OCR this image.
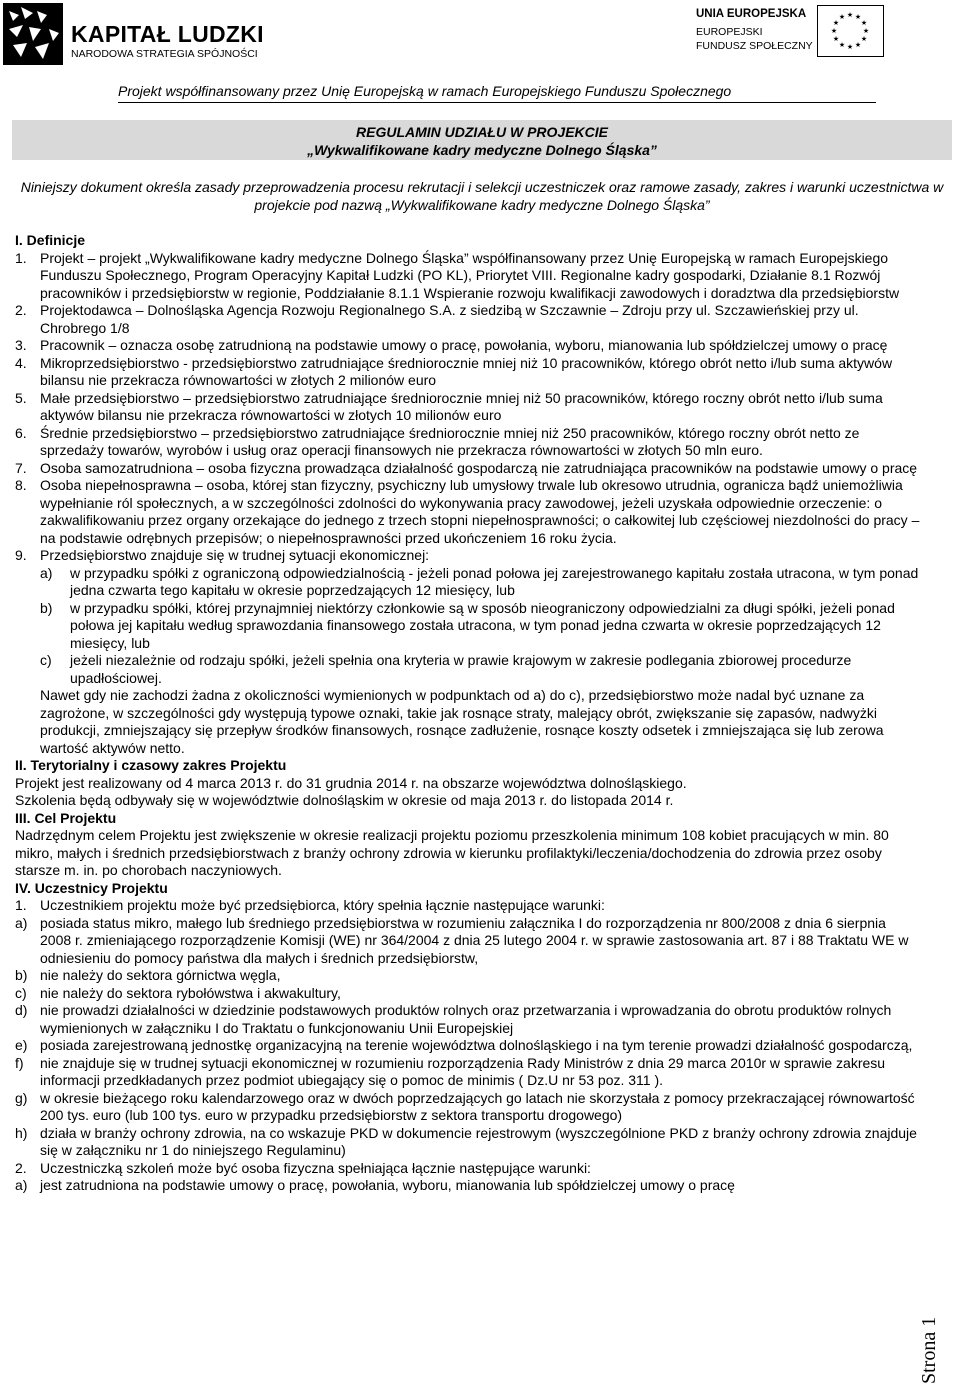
KAPITAŁ LUDZKI
NARODOWA STRATEGIA SPÓJNOŚCI
UNIA EUROPEJSKA
EUROPEJSKI
FUNDUSZ SPOŁECZNY
★ ★
★
★
★
★
★
★
★
★
★
★
Projekt współfinansowany przez Unię Europejską w ramach Europejskiego Funduszu Społecznego
REGULAMIN UDZIAŁU W PROJEKCIE
„Wykwalifikowane kadry medyczne Dolnego Śląska”
Niniejszy dokument określa zasady przeprowadzenia procesu rekrutacji i selekcji uczestniczek oraz ramowe zasady, zakres i warunki uczestnictwa w projekcie pod nazwą „Wykwalifikowane kadry medyczne Dolnego Śląska”

I. Definicje

1. Projekt – projekt „Wykwalifikowane kadry medyczne Dolnego Śląska” współfinansowany przez Unię Europejską w ramach Europejskiego Funduszu Społecznego, Program Operacyjny Kapitał Ludzki (PO KL), Priorytet VIII. Regionalne kadry gospodarki, Działanie 8.1 Rozwój pracowników i przedsiębiorstw w regionie, Poddziałanie 8.1.1 Wspieranie rozwoju kwalifikacji zawodowych i doradztwa dla przedsiębiorstw
2. Projektodawca – Dolnośląska Agencja Rozwoju Regionalnego S.A. z siedzibą w Szczawnie – Zdroju przy ul. Szczawieńskiej przy ul. Chrobrego 1/8
3. Pracownik – oznacza osobę zatrudnioną na podstawie umowy o pracę, powołania, wyboru, mianowania lub spółdzielczej umowy o pracę
4. Mikroprzedsiębiorstwo - przedsiębiorstwo zatrudniające średniorocznie mniej niż 10 pracowników, którego obrót netto i/lub suma aktywów bilansu nie przekracza równowartości w złotych 2 milionów euro
5. Małe przedsiębiorstwo – przedsiębiorstwo zatrudniające średniorocznie mniej niż 50 pracowników, którego roczny obrót netto i/lub suma aktywów bilansu nie przekracza równowartości w złotych 10 milionów euro
6. Średnie przedsiębiorstwo – przedsiębiorstwo zatrudniające średniorocznie mniej niż 250 pracowników, którego roczny obrót netto ze sprzedaży towarów, wyrobów i usług oraz operacji finansowych nie przekracza równowartości w złotych 50 mln euro.
7. Osoba samozatrudniona – osoba fizyczna prowadząca działalność gospodarczą nie zatrudniająca pracowników na podstawie umowy o pracę
8. Osoba niepełnosprawna – osoba, której stan fizyczny, psychiczny lub umysłowy trwale lub okresowo utrudnia, ogranicza bądź uniemożliwia wypełnianie ról społecznych, a w szczególności zdolności do wykonywania pracy zawodowej, jeżeli uzyskała odpowiednie orzeczenie: o zakwalifikowaniu przez organy orzekające do jednego z trzech stopni niepełnosprawności; o całkowitej lub częściowej niezdolności do pracy – na podstawie odrębnych przepisów; o niepełnosprawności przed ukończeniem 16 roku życia.
9. Przedsiębiorstwo znajduje się w trudnej sytuacji ekonomicznej:
a) w przypadku spółki z ograniczoną odpowiedzialnością - jeżeli ponad połowa jej zarejestrowanego kapitału została utracona, w tym ponad jedna czwarta tego kapitału w okresie poprzedzających 12 miesięcy, lub
b) w przypadku spółki, której przynajmniej niektórzy członkowie są w sposób nieograniczony odpowiedzialni za długi spółki, jeżeli ponad połowa jej kapitału według sprawozdania finansowego została utracona, w tym ponad jedna czwarta w okresie poprzedzających 12 miesięcy, lub
c) jeżeli niezależnie od rodzaju spółki, jeżeli spełnia ona kryteria w prawie krajowym w zakresie podlegania zbiorowej procedurze upadłościowej.

Nawet gdy nie zachodzi żadna z okoliczności wymienionych w podpunktach od a) do c), przedsiębiorstwo może nadal być uznane za zagrożone, w szczególności gdy występują typowe oznaki, takie jak rosnące straty, malejący obrót, zwiększanie się zapasów, nadwyżki produkcji, zmniejszający się przepływ środków finansowych, rosnące zadłużenie, rosnące koszty odsetek i zmniejszająca się lub zerowa wartość aktywów netto.

II. Terytorialny i czasowy zakres Projektu

Projekt jest realizowany od 4 marca 2013 r. do 31 grudnia 2014 r. na obszarze województwa dolnośląskiego.

Szkolenia będą odbywały się w województwie dolnośląskim w okresie od maja 2013 r. do listopada 2014 r.

III. Cel Projektu

Nadrzędnym celem Projektu jest zwiększenie w okresie realizacji projektu poziomu przeszkolenia minimum 108 kobiet pracujących w min. 80 mikro, małych i średnich przedsiębiorstwach z branży ochrony zdrowia w kierunku profilaktyki/leczenia/dochodzenia do zdrowia przez osoby starsze m. in. po chorobach naczyniowych.

IV. Uczestnicy Projektu

1. Uczestnikiem projektu może być przedsiębiorca, który spełnia łącznie następujące warunki:
a) posiada status mikro, małego lub średniego przedsiębiorstwa w rozumieniu załącznika I do rozporządzenia nr 800/2008 z dnia 6 sierpnia 2008 r. zmieniającego rozporządzenie Komisji (WE) nr 364/2004 z dnia 25 lutego 2004 r. w sprawie zastosowania art. 87 i 88 Traktatu WE w odniesieniu do pomocy państwa dla małych i średnich przedsiębiorstw,
b) nie należy do sektora górnictwa węgla,
c) nie należy do sektora rybołówstwa i akwakultury,
d) nie prowadzi działalności w dziedzinie podstawowych produktów rolnych oraz przetwarzania i wprowadzania do obrotu produktów rolnych wymienionych w załączniku I do Traktatu o funkcjonowaniu Unii Europejskiej
e) posiada zarejestrowaną jednostkę organizacyjną na terenie województwa dolnośląskiego i na tym terenie prowadzi działalność gospodarczą,
f) nie znajduje się w trudnej sytuacji ekonomicznej w rozumieniu rozporządzenia Rady Ministrów z dnia 29 marca 2010r w sprawie zakresu informacji przedkładanych przez podmiot ubiegający się o pomoc de minimis ( Dz.U nr 53 poz. 311 ).
g) w okresie bieżącego roku kalendarzowego oraz w dwóch poprzedzających go latach nie skorzystała z pomocy przekraczającej równowartość 200 tys. euro (lub 100 tys. euro w przypadku przedsiębiorstw z sektora transportu drogowego)
h) działa w branży ochrony zdrowia, na co wskazuje PKD w dokumencie rejestrowym (wyszczególnione PKD z branży ochrony zdrowia znajduje się w załączniku nr 1 do niniejszego Regulaminu)
2. Uczestniczką szkoleń może być osoba fizyczna spełniająca łącznie następujące warunki:
a) jest zatrudniona na podstawie umowy o pracę, powołania, wyboru, mianowania lub spółdzielczej umowy o pracę
Strona 1
